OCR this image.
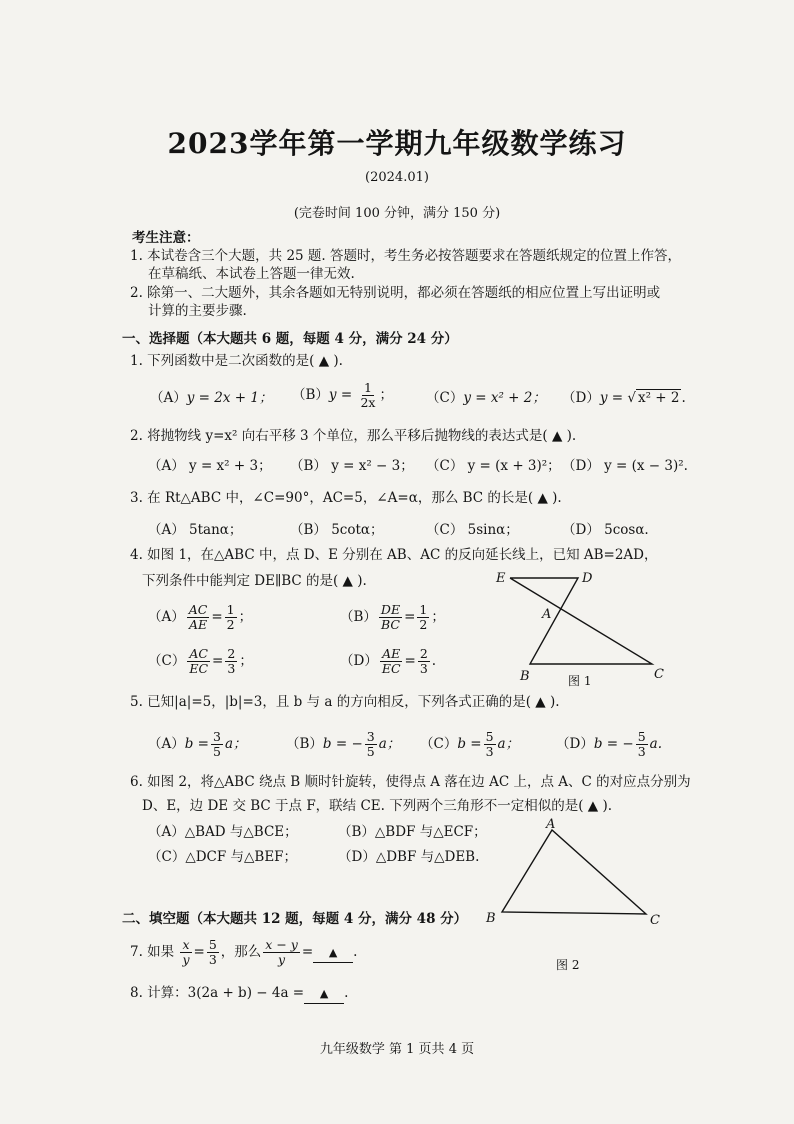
2023学年第一学期九年级数学练习
(2024.01)
(完卷时间 100 分钟，满分 150 分)
考生注意：
1. 本试卷含三个大题，共 25 题. 答题时，考生务必按答题要求在答题纸规定的位置上作答，
在草稿纸、本试卷上答题一律无效.
2. 除第一、二大题外，其余各题如无特别说明，都必须在答题纸的相应位置上写出证明或
计算的主要步骤.
一、选择题（本大题共 6 题，每题 4 分，满分 24 分）
1. 下列函数中是二次函数的是( ▲ ).
（A）y = 2x + 1； $(B)y = \frac{1}{2x}$ ； （C）y = x² + 2； （D）y = √ x² + 2 .
2. 将抛物线 y=x² 向右平移 3 个单位，那么平移后抛物线的表达式是( ▲ ).
（A） y = x² + 3； （B） y = x² − 3； （C） y = (x + 3)²； （D） y = (x − 3)².
3. 在 Rt△ABC 中，∠C=90°，AC=5，∠A=α，那么 BC 的长是( ▲ ).
（A） 5tanα；	（B） 5cotα；	（C） 5sinα；	（D） 5cosα.
4. 如图 1，在△ABC 中，点 D、E 分别在 AB、AC 的反向延长线上，已知 AB=2AD，
下列条件中能判定 DE∥BC 的是( ▲ ).
$(A) \frac{AC}{AE} = \frac{1}{2}$ ；	$(B) \frac{DE}{BC} = \frac{1}{2}$ ；
$(C) \frac{AC}{EC} = \frac{2}{3}$ ；	$(D) \frac{AE}{EC} = \frac{2}{3}$ .
E	D
A
B	C
图 1
5. 已知|a|=5，|b|=3，且 b 与 a 的方向相反，下列各式正确的是( ▲ ).
$(A)b = \frac{3}{5}$ a；	（B）b = − $\frac{3}{5}$ a； $(C)b = \frac{5}{3}$ a；	（D）b = − $\frac{5}{3} a$.
6. 如图 2，将△ABC 绕点 B 顺时针旋转，使得点 A 落在边 AC 上，点 A、C 的对应点分别为
D、E，边 DE 交 BC 于点 F，联结 CE. 下列两个三角形不一定相似的是( ▲ ).
（A）△BAD 与△BCE；	（B）△BDF 与△ECF；
（C）△DCF 与△BEF；	（D）△DBF 与△DEB.
A
B	C
图 2
二、填空题（本大题共 12 题，每题 4 分，满分 48 分）
7. 如果 $\frac{x}{y} = \frac{5}{3}$ ，那么 $\frac{x - y}{y}$ = ▲ .
8. 计算：3(2a + b) − 4a = ▲ .
九年级数学 第 1 页共 4 页
